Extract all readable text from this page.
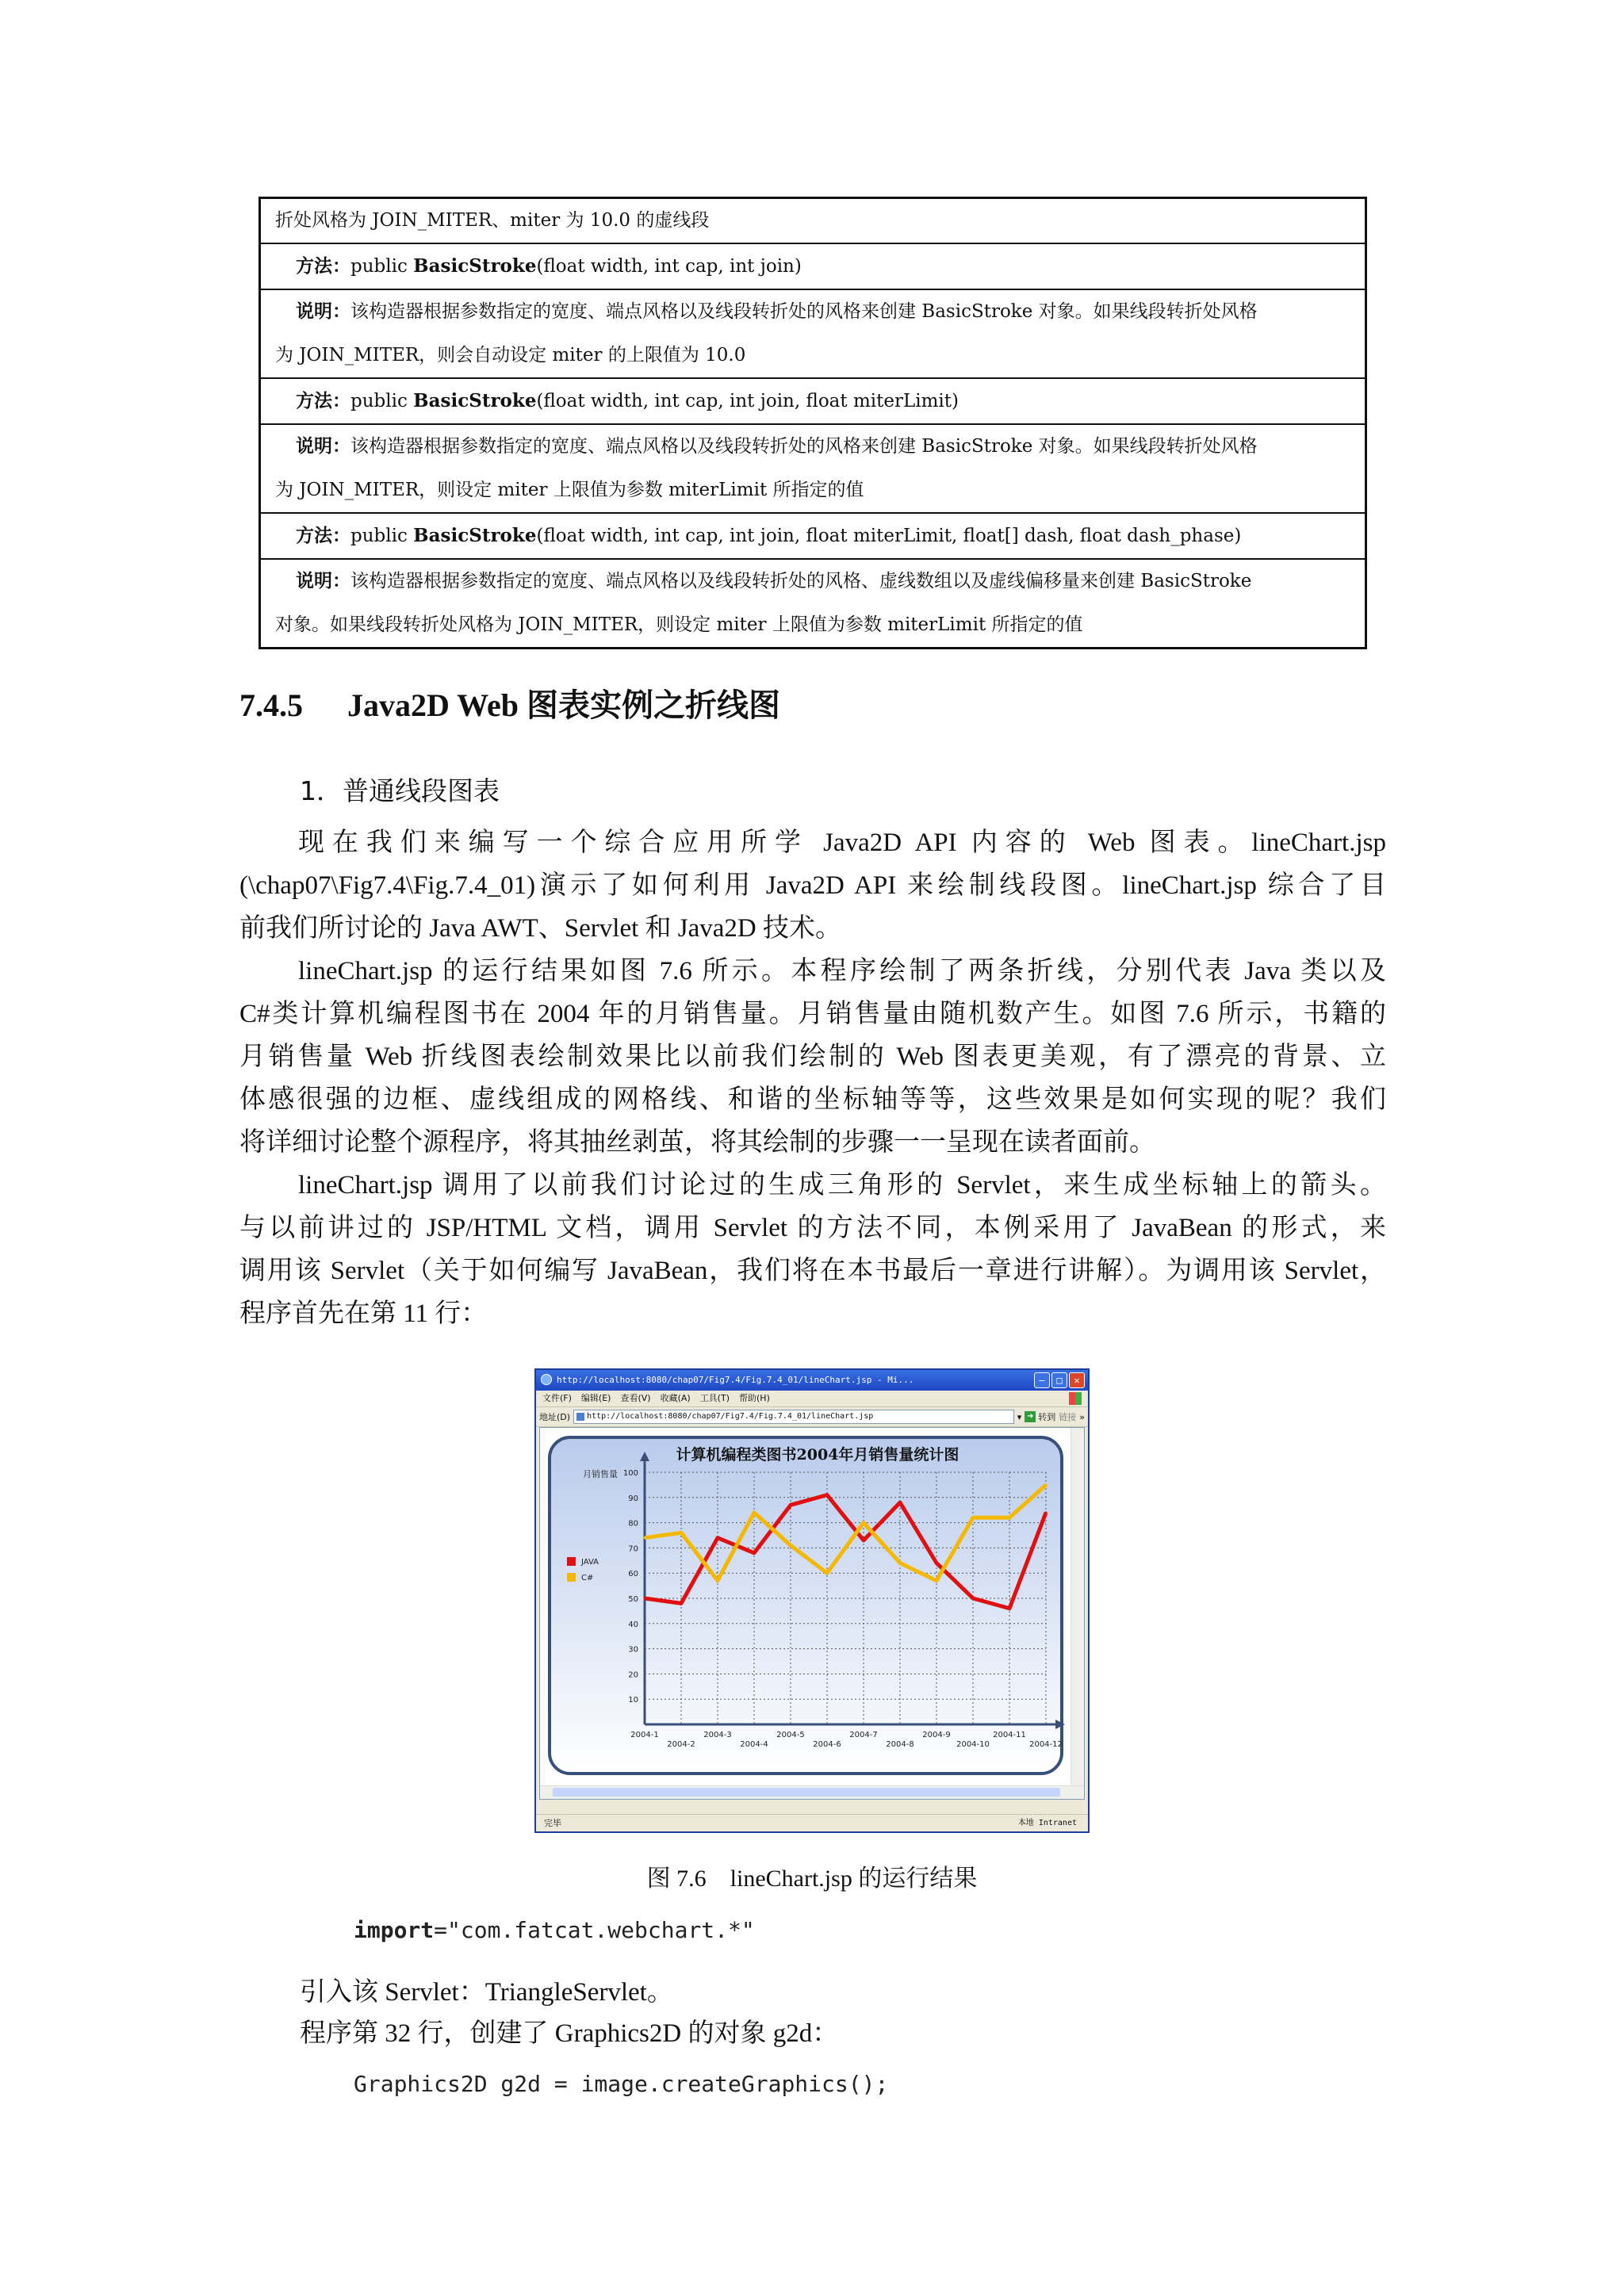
折处风格为 JOIN_MITER、miter 为 10.0 的虚线段
方法：public BasicStroke(float width, int cap, int join)
说明：该构造器根据参数指定的宽度、端点风格以及线段转折处的风格来创建 BasicStroke 对象。如果线段转折处风格
为 JOIN_MITER，则会自动设定 miter 的上限值为 10.0
方法：public BasicStroke(float width, int cap, int join, float miterLimit)
说明：该构造器根据参数指定的宽度、端点风格以及线段转折处的风格来创建 BasicStroke 对象。如果线段转折处风格
为 JOIN_MITER，则设定 miter 上限值为参数 miterLimit 所指定的值
方法：public BasicStroke(float width, int cap, int join, float miterLimit, float[] dash, float dash_phase)
说明：该构造器根据参数指定的宽度、端点风格以及线段转折处的风格、虚线数组以及虚线偏移量来创建 BasicStroke
对象。如果线段转折处风格为 JOIN_MITER，则设定 miter 上限值为参数 miterLimit 所指定的值
7.4.5 Java2D Web 图表实例之折线图
1．普通线段图表
现在我们来编写一个综合应用所学 Java2D API 内容的 Web 图表。lineChart.jsp
(\chap07\Fig7.4\Fig.7.4_01)演示了如何利用 Java2D API 来绘制线段图。lineChart.jsp 综合了目
前我们所讨论的 Java AWT、Servlet 和 Java2D 技术。
lineChart.jsp 的运行结果如图 7.6 所示。本程序绘制了两条折线，分别代表 Java 类以及
C#类计算机编程图书在 2004 年的月销售量。月销售量由随机数产生。如图 7.6 所示，书籍的
月销售量 Web 折线图表绘制效果比以前我们绘制的 Web 图表更美观，有了漂亮的背景、立
体感很强的边框、虚线组成的网格线、和谐的坐标轴等等，这些效果是如何实现的呢？我们
将详细讨论整个源程序，将其抽丝剥茧，将其绘制的步骤一一呈现在读者面前。
lineChart.jsp 调用了以前我们讨论过的生成三角形的 Servlet，来生成坐标轴上的箭头。
与以前讲过的 JSP/HTML 文档，调用 Servlet 的方法不同，本例采用了 JavaBean 的形式，来
调用该 Servlet（关于如何编写 JavaBean，我们将在本书最后一章进行讲解）。为调用该 Servlet，
程序首先在第 11 行：
http://localhost:8080/chap07/Fig7.4/Fig.7.4_01/lineChart.jsp - Mi...	–	□	✕
文件(F) 编辑(E) 查看(V) 收藏(A) 工具(T) 帮助(H)
地址(D)	http://localhost:8080/chap07/Fig7.4/Fig.7.4_01/lineChart.jsp	▾ ➜ 转到 链接 »
计算机编程类图书2004年月销售量统计图
月销售量
10
20
30
40
50
60
70
80
90
100
2004-1
2004-2
2004-3
2004-4
2004-5
2004-6
2004-7
2004-8
2004-9
2004-10
2004-11
2004-12
JAVA
C#
完毕	本地 Intranet
图 7.6　lineChart.jsp 的运行结果
import="com.fatcat.webchart.*"
引入该 Servlet：TriangleServlet。
程序第 32 行，创建了 Graphics2D 的对象 g2d：
Graphics2D g2d = image.createGraphics();
